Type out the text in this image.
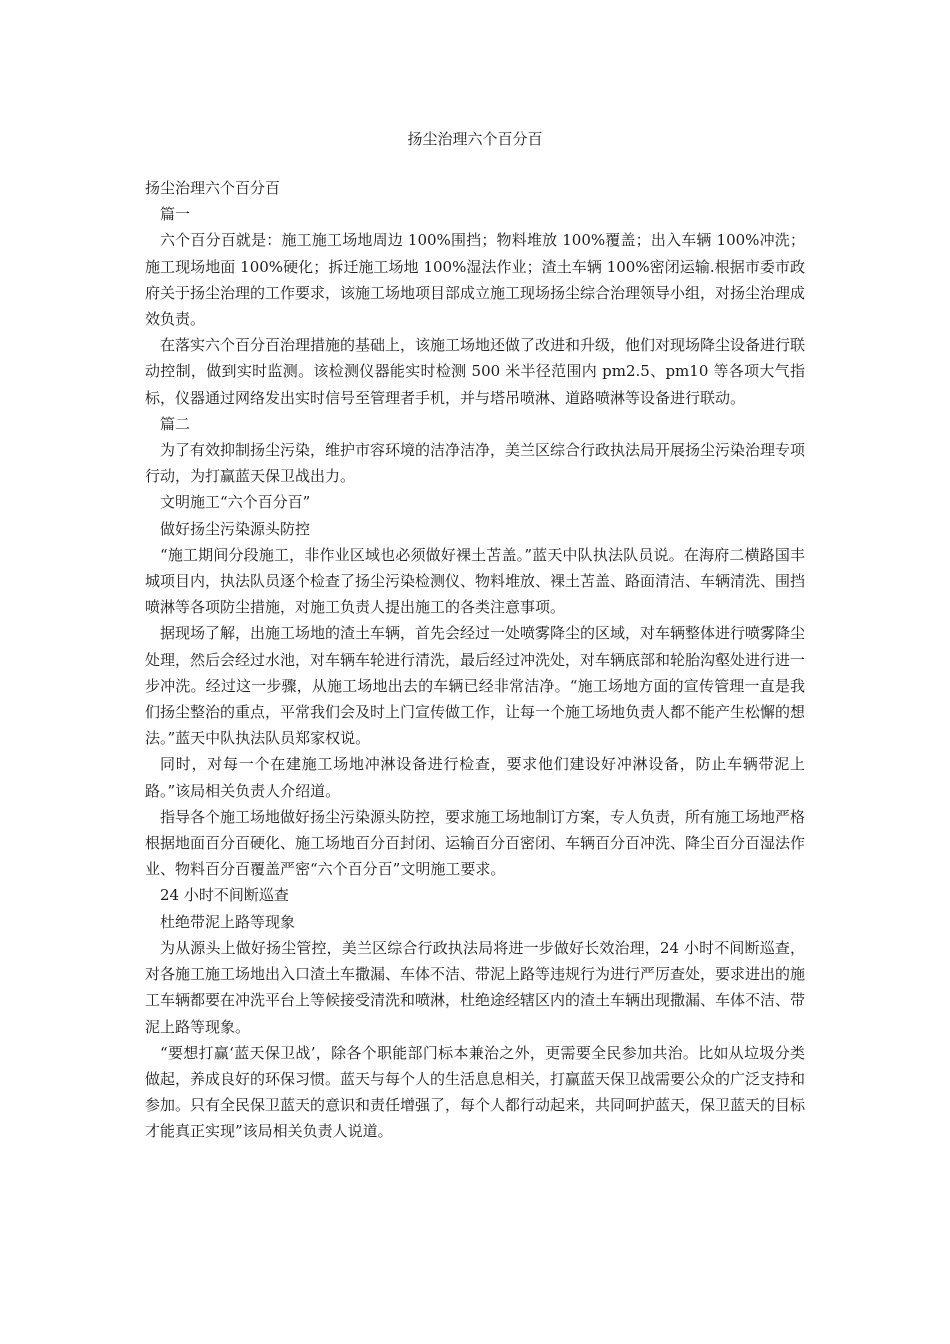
扬尘治理六个百分百

扬尘治理六个百分百

篇一

六个百分百就是：施工施工场地周边 100%围挡；物料堆放 100%覆盖；出入车辆 100%冲洗；施工现场地面 100%硬化；拆迁施工场地 100%湿法作业；渣土车辆 100%密闭运输.根据市委市政府关于扬尘治理的工作要求，该施工场地项目部成立施工现场扬尘综合治理领导小组，对扬尘治理成效负责。

在落实六个百分百治理措施的基础上，该施工场地还做了改进和升级，他们对现场降尘设备进行联动控制，做到实时监测。该检测仪器能实时检测 500 米半径范围内 pm2.5、pm10 等各项大气指标，仪器通过网络发出实时信号至管理者手机，并与塔吊喷淋、道路喷淋等设备进行联动。

篇二

为了有效抑制扬尘污染，维护市容环境的洁净洁净，美兰区综合行政执法局开展扬尘污染治理专项行动，为打赢蓝天保卫战出力。

文明施工“六个百分百”

做好扬尘污染源头防控

“施工期间分段施工，非作业区域也必须做好裸土苫盖。”蓝天中队执法队员说。在海府二横路国丰城项目内，执法队员逐个检查了扬尘污染检测仪、物料堆放、裸土苫盖、路面清洁、车辆清洗、围挡喷淋等各项防尘措施，对施工负责人提出施工的各类注意事项。

据现场了解，出施工场地的渣土车辆，首先会经过一处喷雾降尘的区域，对车辆整体进行喷雾降尘处理，然后会经过水池，对车辆车轮进行清洗，最后经过冲洗处，对车辆底部和轮胎沟壑处进行进一步冲洗。经过这一步骤，从施工场地出去的车辆已经非常洁净。“施工场地方面的宣传管理一直是我们扬尘整治的重点，平常我们会及时上门宣传做工作，让每一个施工场地负责人都不能产生松懈的想法。”蓝天中队执法队员郑家权说。

同时，对每一个在建施工场地冲淋设备进行检查，要求他们建设好冲淋设备，防止车辆带泥上路。”该局相关负责人介绍道。

指导各个施工场地做好扬尘污染源头防控，要求施工场地制订方案，专人负责，所有施工场地严格根据地面百分百硬化、施工场地百分百封闭、运输百分百密闭、车辆百分百冲洗、降尘百分百湿法作业、物料百分百覆盖严密“六个百分百”文明施工要求。

24 小时不间断巡查

杜绝带泥上路等现象

为从源头上做好扬尘管控，美兰区综合行政执法局将进一步做好长效治理，24 小时不间断巡查，对各施工施工场地出入口渣土车撒漏、车体不洁、带泥上路等违规行为进行严厉查处，要求进出的施工车辆都要在冲洗平台上等候接受清洗和喷淋，杜绝途经辖区内的渣土车辆出现撒漏、车体不洁、带泥上路等现象。

“要想打赢‘蓝天保卫战’，除各个职能部门标本兼治之外，更需要全民参加共治。比如从垃圾分类做起，养成良好的环保习惯。蓝天与每个人的生活息息相关，打赢蓝天保卫战需要公众的广泛支持和参加。只有全民保卫蓝天的意识和责任增强了，每个人都行动起来，共同呵护蓝天，保卫蓝天的目标才能真正实现”该局相关负责人说道。
